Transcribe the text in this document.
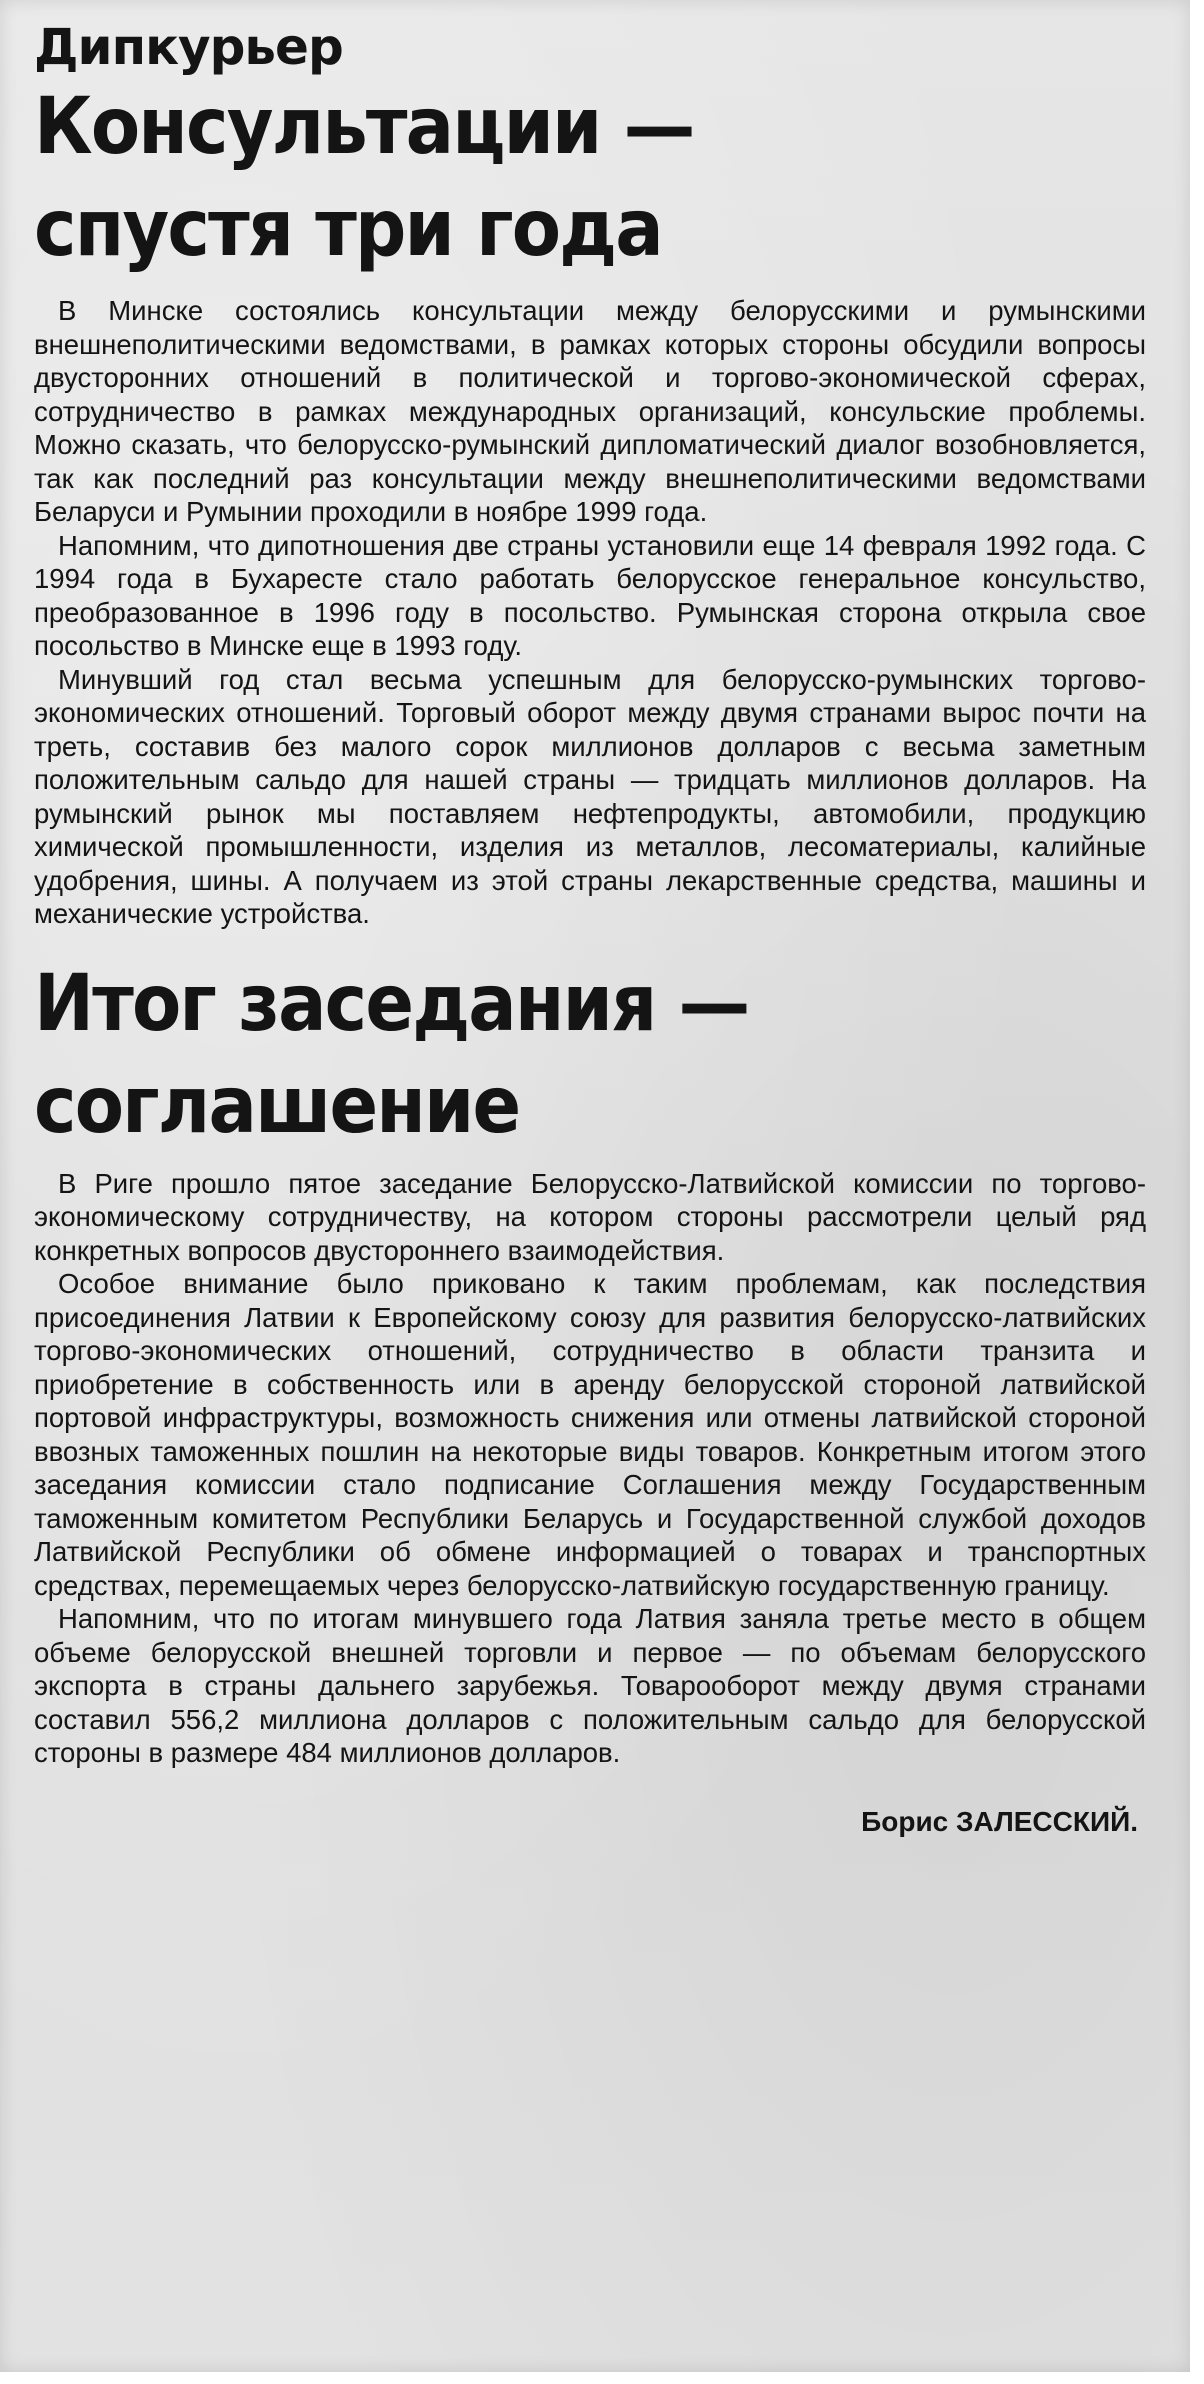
Дипкурьер
Консультации —
спустя три года

В Минске состоялись консультации между белорусскими и румынскими внешнеполитическими ведомствами, в рамках которых стороны обсудили вопросы двусторонних отношений в политической и торгово-экономической сферах, сотрудничество в рамках международных организаций, консульские проблемы. Можно сказать, что белорусско-румынский дипломатический диалог возобновляется, так как последний раз консультации между внешнеполитическими ведомствами Беларуси и Румынии проходили в ноябре 1999 года.

Напомним, что дипотношения две страны установили еще 14 февраля 1992 года. С 1994 года в Бухаресте стало работать белорусское генеральное консульство, преобразованное в 1996 году в посольство. Румынская сторона открыла свое посольство в Минске еще в 1993 году.

Минувший год стал весьма успешным для белорусско-румынских торгово-экономических отношений. Торговый оборот между двумя странами вырос почти на треть, составив без малого сорок миллионов долларов с весьма заметным положительным сальдо для нашей страны — тридцать миллионов долларов. На румынский рынок мы поставляем нефтепродукты, автомобили, продукцию химической промышленности, изделия из металлов, лесоматериалы, калийные удобрения, шины. А получаем из этой страны лекарственные средства, машины и механические устройства.

Итог заседания —
соглашение

В Риге прошло пятое заседание Белорусско-Латвийской комиссии по торгово-экономическому сотрудничеству, на котором стороны рассмотрели целый ряд конкретных вопросов двустороннего взаимодействия.

Особое внимание было приковано к таким проблемам, как последствия присоединения Латвии к Европейскому союзу для развития белорусско-латвийских торгово-экономических отношений, сотрудничество в области транзита и приобретение в собственность или в аренду белорусской стороной латвийской портовой инфраструктуры, возможность снижения или отмены латвийской стороной ввозных таможенных пошлин на некоторые виды товаров. Конкретным итогом этого заседания комиссии стало подписание Соглашения между Государственным таможенным комитетом Республики Беларусь и Государственной службой доходов Латвийской Республики об обмене информацией о товарах и транспортных средствах, перемещаемых через белорусско-латвийскую государственную границу.

Напомним, что по итогам минувшего года Латвия заняла третье место в общем объеме белорусской внешней торговли и первое — по объемам белорусского экспорта в страны дальнего зарубежья. Товарооборот между двумя странами составил 556,2 миллиона долларов с положительным сальдо для белорусской стороны в размере 484 миллионов долларов.

Борис ЗАЛЕССКИЙ.
